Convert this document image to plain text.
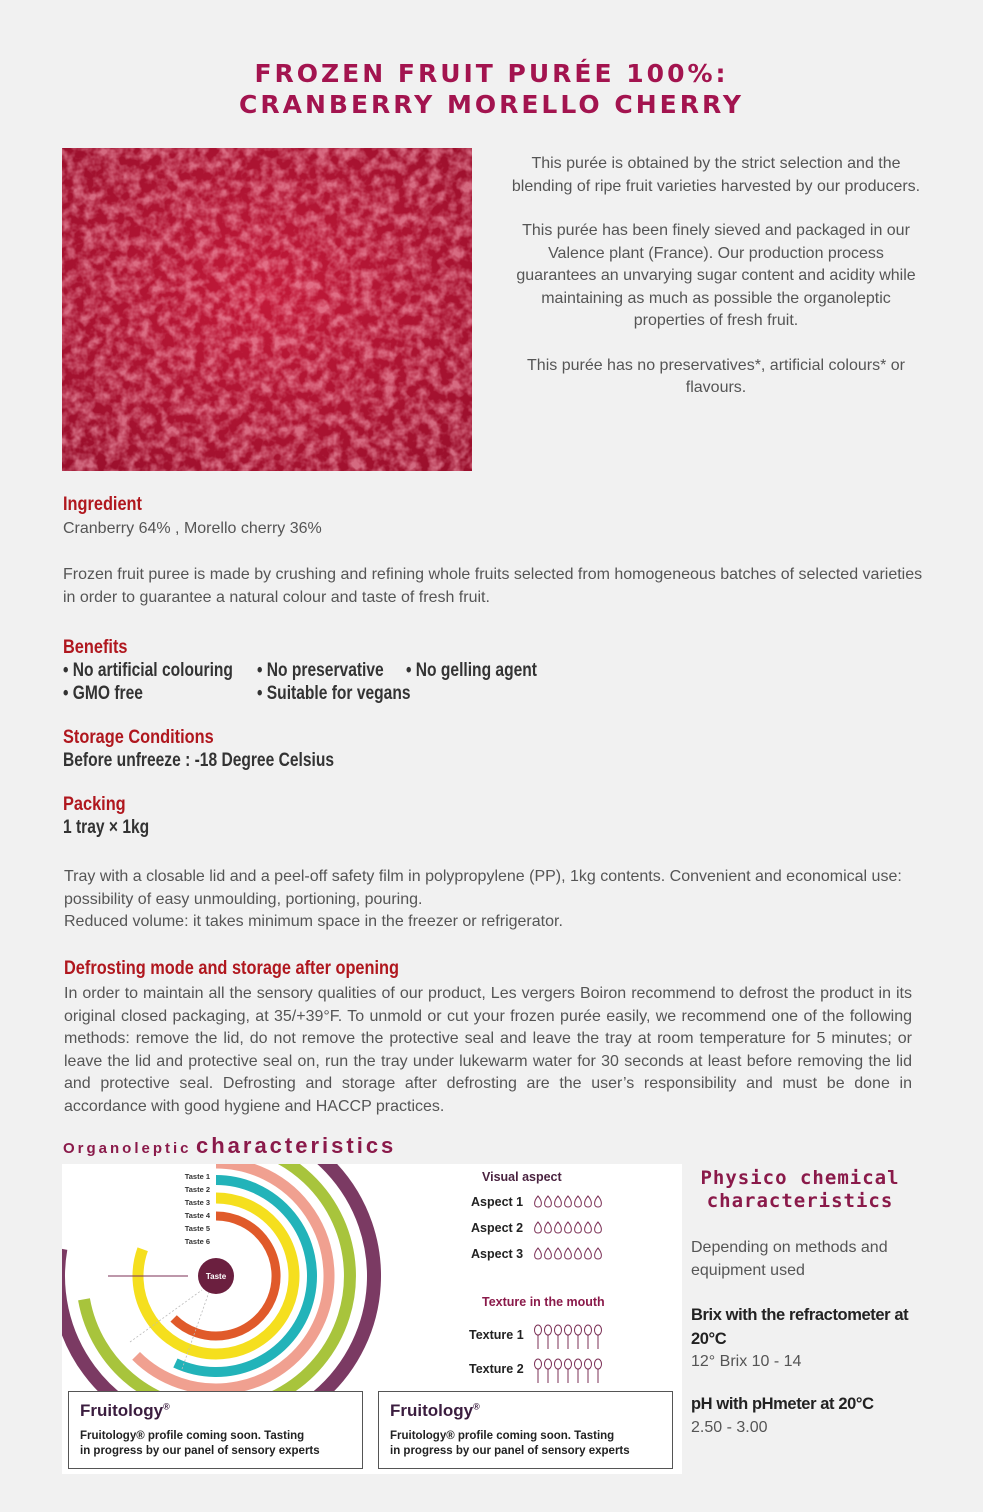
FROZEN FRUIT PURÉE 100%:
CRANBERRY MORELLO CHERRY

This purée is obtained by the strict selection and the blending of ripe fruit varieties harvested by our producers.

This purée has been finely sieved and packaged in our Valence plant (France). Our production process guarantees an unvarying sugar content and acidity while maintaining as much as possible the organoleptic properties of fresh fruit.

This purée has no preservatives*, artificial colours* or flavours.

Ingredient
Cranberry 64% , Morello cherry 36%
Frozen fruit puree is made by crushing and refining whole fruits selected from homogeneous batches of selected varieties in order to guarantee a natural colour and taste of fresh fruit.
Benefits
• No artificial colouring • No preservative • No gelling agent
• GMO free	• Suitable for vegans
Storage Conditions
Before unfreeze : -18 Degree Celsius
Packing
1 tray × 1kg
Tray with a closable lid and a peel-off safety film in polypropylene (PP), 1kg contents. Convenient and economical use: possibility of easy unmoulding, portioning, pouring.
Reduced volume: it takes minimum space in the freezer or refrigerator.
Defrosting mode and storage after opening
In order to maintain all the sensory qualities of our product, Les vergers Boiron recommend to defrost the product in its original closed packaging, at 35/+39°F. To unmold or cut your frozen purée easily, we recommend one of the following methods: remove the lid, do not remove the protective seal and leave the tray at room temperature for 5 minutes; or leave the lid and protective seal on, run the tray under lukewarm water for 30 seconds at least before removing the lid and protective seal. Defrosting and storage after defrosting are the user’s responsibility and must be done in accordance with good hygiene and HACCP practices.
Organoleptic characteristics
Taste
Taste 1
Taste 2
Taste 3
Taste 4
Taste 5
Taste 6
Visual aspect
Aspect 1
Aspect 2
Aspect 3
Texture in the mouth
Texture 1
Texture 2
Fruitology®
Fruitology® profile coming soon. Tasting
in progress by our panel of sensory experts
Fruitology®
Fruitology® profile coming soon. Tasting
in progress by our panel of sensory experts
Physico chemical
characteristics
Depending on methods and
equipment used
Brix with the refractometer at
20°C
12° Brix 10 - 14
pH with pHmeter at 20°C
2.50 - 3.00
